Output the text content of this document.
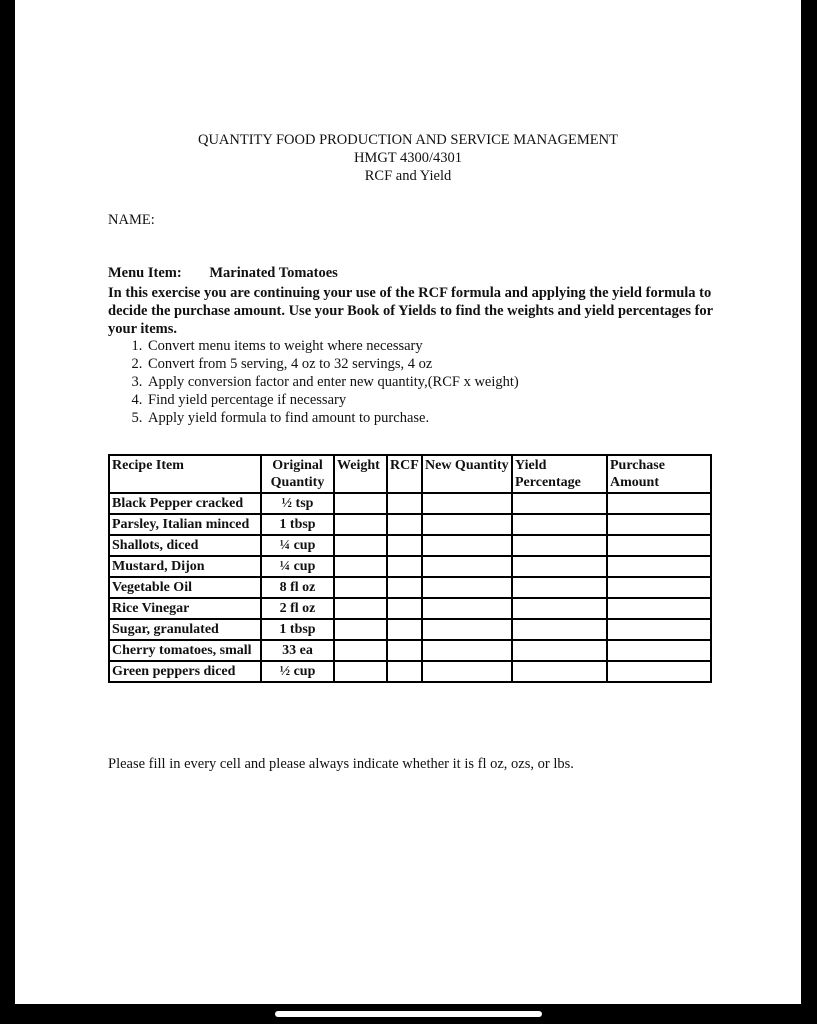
QUANTITY FOOD PRODUCTION AND SERVICE MANAGEMENT
HMGT 4300/4301
RCF and Yield
NAME:
Menu Item: Marinated Tomatoes
In this exercise you are continuing your use of the RCF formula and applying the yield formula to decide the purchase amount. Use your Book of Yields to find the weights and yield percentages for your items.
1. Convert menu items to weight where necessary
2. Convert from 5 serving, 4 oz to 32 servings, 4 oz
3. Apply conversion factor and enter new quantity,(RCF x weight)
4. Find yield percentage if necessary
5. Apply yield formula to find amount to purchase.
Recipe Item	Original Quantity	Weight	RCF	New Quantity	Yield Percentage	Purchase Amount
Black Pepper cracked	½ tsp					
Parsley, Italian minced	1 tbsp					
Shallots, diced	¼ cup					
Mustard, Dijon	¼ cup					
Vegetable Oil	8 fl oz					
Rice Vinegar	2 fl oz					
Sugar, granulated	1 tbsp					
Cherry tomatoes, small	33 ea					
Green peppers diced	½ cup					
Please fill in every cell and please always indicate whether it is fl oz, ozs, or lbs.
